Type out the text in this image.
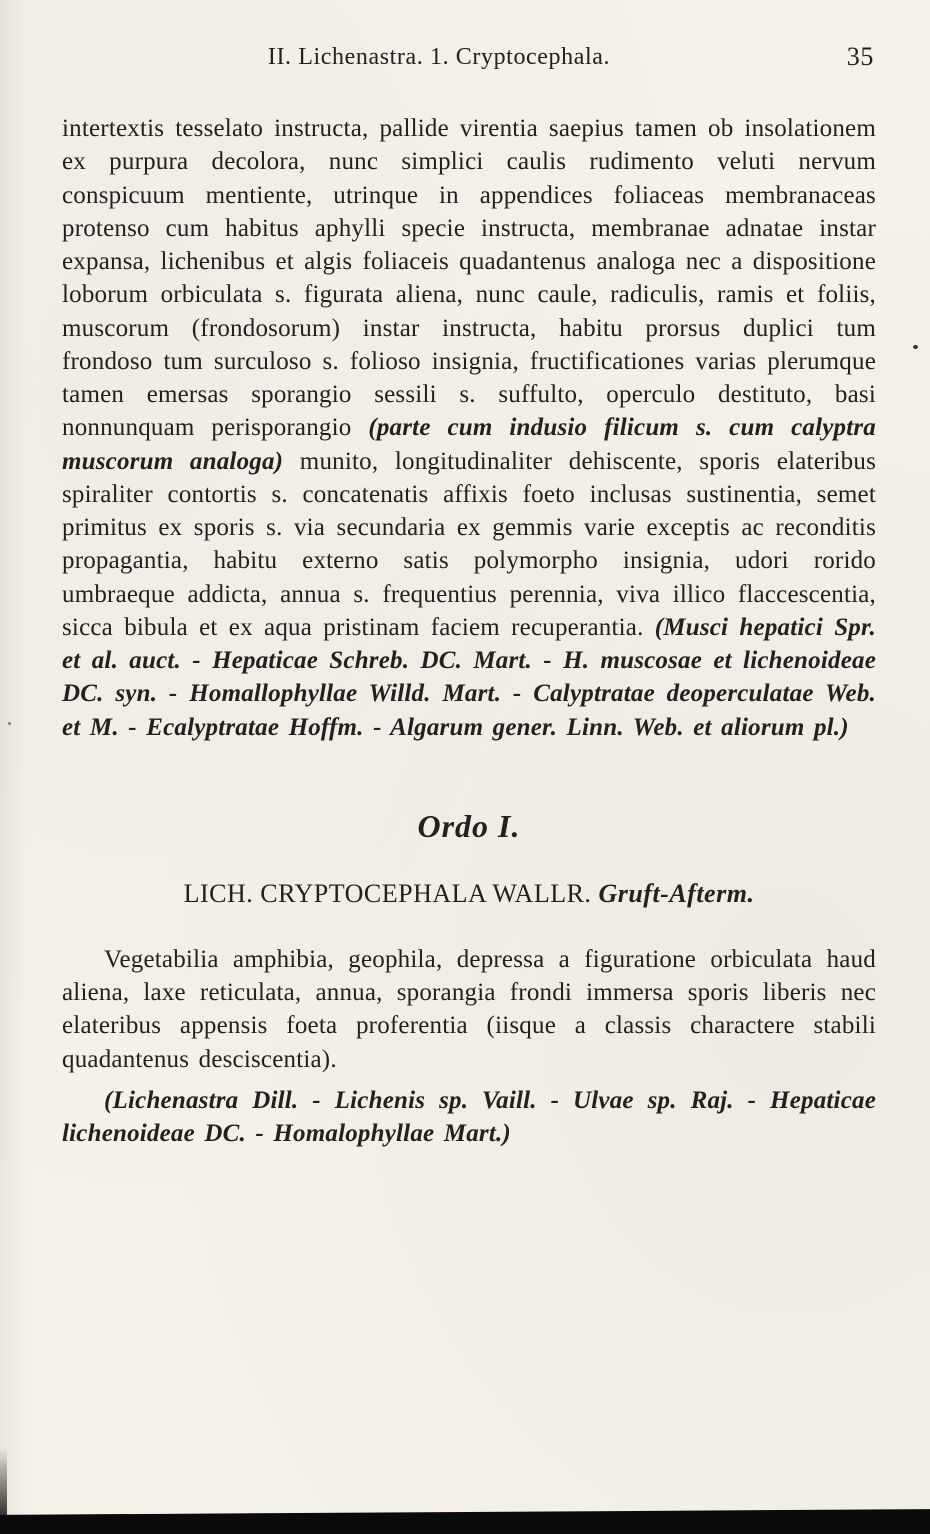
II. Lichenastra. 1. Cryptocephala.	35

intertextis tesselato instructa, pallide virentia saepius tamen ob insolationem ex purpura decolora, nunc simplici caulis rudimento veluti nervum conspicuum mentiente, utrinque in appendices foliaceas membranaceas protenso cum habitus aphylli specie instructa, membranae adnatae instar expansa, lichenibus et algis foliaceis quadantenus analoga nec a dispositione loborum orbiculata s. figurata aliena, nunc caule, radiculis, ramis et foliis, muscorum (frondosorum) instar instructa, habitu prorsus duplici tum frondoso tum surculoso s. folioso insignia, fructificationes varias plerumque tamen emersas sporangio sessili s. suffulto, operculo destituto, basi nonnunquam perisporangio (parte cum indusio filicum s. cum calyptra muscorum analoga) munito, longitudinaliter dehiscente, sporis elateribus spiraliter contortis s. concatenatis affixis foeto inclusas sustinentia, semet primitus ex sporis s. via secundaria ex gemmis varie exceptis ac reconditis propagantia, habitu externo satis polymorpho insignia, udori rorido umbraeque addicta, annua s. frequentius perennia, viva illico flaccescentia, sicca bibula et ex aqua pristinam faciem recuperantia. (Musci hepatici Spr. et al. auct. - Hepaticae Schreb. DC. Mart. - H. muscosae et lichenoideae DC. syn. - Homallophyllae Willd. Mart. - Calyptratae deoperculatae Web. et M. - Ecalyptratae Hoffm. - Algarum gener. Linn. Web. et aliorum pl.)

Ordo I.
LICH. CRYPTOCEPHALA WALLR. Gruft-Afterm.

Vegetabilia amphibia, geophila, depressa a figuratione orbiculata haud aliena, laxe reticulata, annua, sporangia frondi immersa sporis liberis nec elateribus appensis foeta proferentia (iisque a classis charactere stabili quadantenus desciscentia).

(Lichenastra Dill. - Lichenis sp. Vaill. - Ulvae sp. Raj. - Hepaticae lichenoideae DC. - Homalophyllae Mart.)
